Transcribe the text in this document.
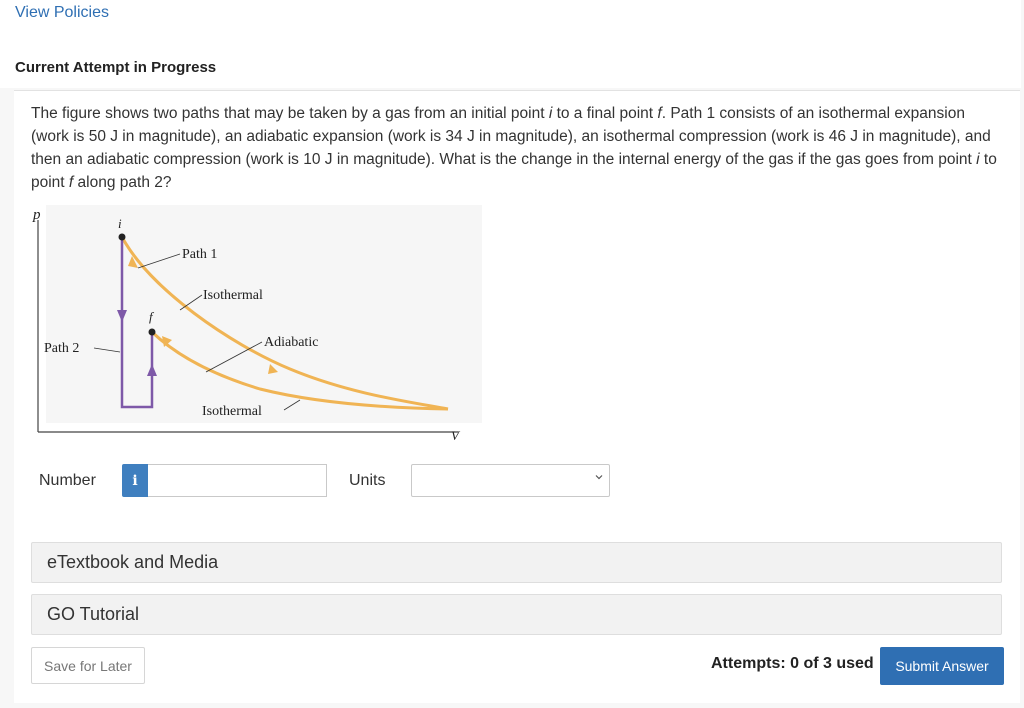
View Policies
Current Attempt in Progress
The figure shows two paths that may be taken by a gas from an initial point i to a final point f. Path 1 consists of an isothermal expansion (work is 50 J in magnitude), an adiabatic expansion (work is 34 J in magnitude), an isothermal compression (work is 46 J in magnitude), and then an adiabatic compression (work is 10 J in magnitude). What is the change in the internal energy of the gas if the gas goes from point i to point f along path 2?
p
V
i
f
Path 1
Isothermal
Adiabatic
Path 2
Isothermal
Number	i	Units
eTextbook and Media
GO Tutorial
Save for Later	Attempts: 0 of 3 used	Submit Answer
